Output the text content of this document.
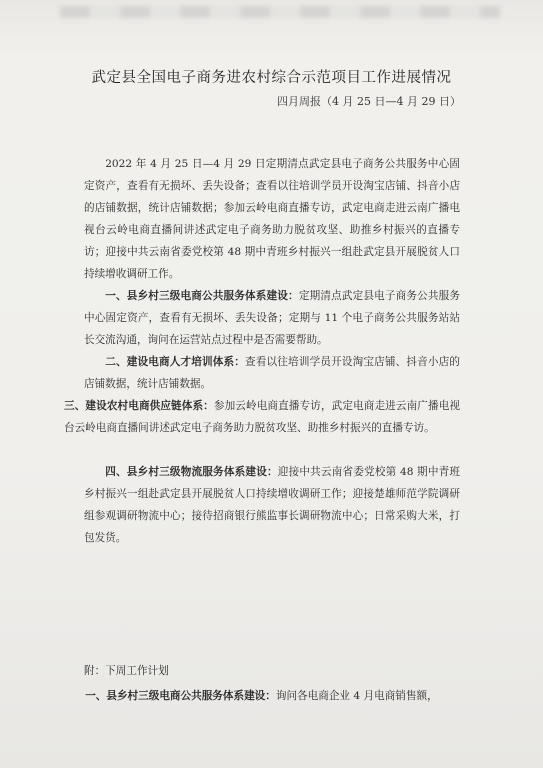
武定县全国电子商务进农村综合示范项目工作进展情况
四月周报（4 月 25 日—4 月 29 日）

2022 年 4 月 25 日—4 月 29 日定期清点武定县电子商务公共服务中心固定资产，查看有无损坏、丢失设备；查看以往培训学员开设淘宝店铺、抖音小店的店铺数据，统计店铺数据；参加云岭电商直播专访，武定电商走进云南广播电视台云岭电商直播间讲述武定电子商务助力脱贫攻坚、助推乡村振兴的直播专访；迎接中共云南省委党校第 48 期中青班乡村振兴一组赴武定县开展脱贫人口持续增收调研工作。

一、县乡村三级电商公共服务体系建设：定期清点武定县电子商务公共服务中心固定资产，查看有无损坏、丢失设备；定期与 11 个电子商务公共服务站站长交流沟通，询问在运营站点过程中是否需要帮助。

二、建设电商人才培训体系：查看以往培训学员开设淘宝店铺、抖音小店的店铺数据，统计店铺数据。

三、建设农村电商供应链体系：参加云岭电商直播专访，武定电商走进云南广播电视台云岭电商直播间讲述武定电子商务助力脱贫攻坚、助推乡村振兴的直播专访。

四、县乡村三级物流服务体系建设：迎接中共云南省委党校第 48 期中青班乡村振兴一组赴武定县开展脱贫人口持续增收调研工作；迎接楚雄师范学院调研组参观调研物流中心；接待招商银行熊监事长调研物流中心；日常采购大米，打包发货。

附：下周工作计划

一、县乡村三级电商公共服务体系建设：询问各电商企业 4 月电商销售额，
